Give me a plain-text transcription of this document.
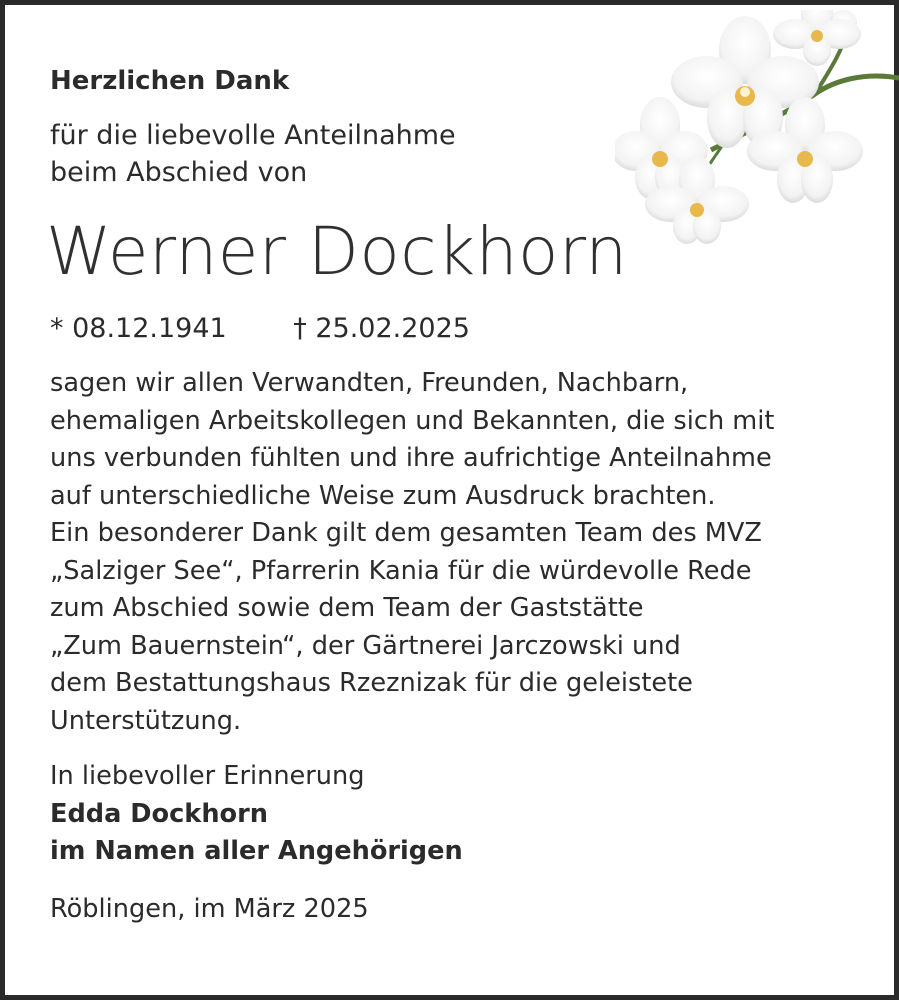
Herzlichen Dank

für die liebevolle Anteilnahme
beim Abschied von
Werner Dockhorn
* 08.12.1941 † 25.02.2025
sagen wir allen Verwandten, Freunden, Nachbarn,
ehemaligen Arbeitskollegen und Bekannten, die sich mit
uns verbunden fühlten und ihre aufrichtige Anteilnahme
auf unterschiedliche Weise zum Ausdruck brachten.
Ein besonderer Dank gilt dem gesamten Team des MVZ
„Salziger See“, Pfarrerin Kania für die würdevolle Rede
zum Abschied sowie dem Team der Gaststätte
„Zum Bauernstein“, der Gärtnerei Jarczowski und
dem Bestattungshaus Rzeznizak für die geleistete
Unterstützung.
In liebevoller Erinnerung
Edda Dockhorn
im Namen aller Angehörigen
Röblingen, im März 2025
